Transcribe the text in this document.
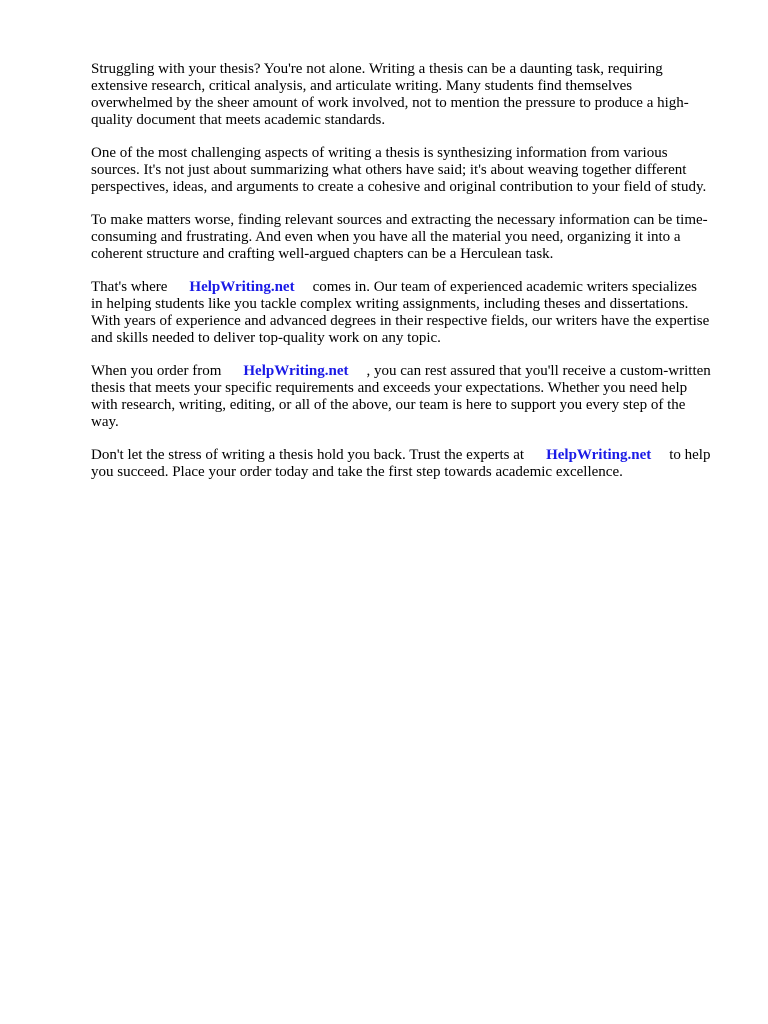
Struggling with your thesis? You're not alone. Writing a thesis can be a daunting task, requiring extensive research, critical analysis, and articulate writing. Many students find themselves overwhelmed by the sheer amount of work involved, not to mention the pressure to produce a high-quality document that meets academic standards.

One of the most challenging aspects of writing a thesis is synthesizing information from various sources. It's not just about summarizing what others have said; it's about weaving together different perspectives, ideas, and arguments to create a cohesive and original contribution to your field of study.

To make matters worse, finding relevant sources and extracting the necessary information can be time-consuming and frustrating. And even when you have all the material you need, organizing it into a coherent structure and crafting well-argued chapters can be a Herculean task.

That's where HelpWriting.net comes in. Our team of experienced academic writers specializes in helping students like you tackle complex writing assignments, including theses and dissertations. With years of experience and advanced degrees in their respective fields, our writers have the expertise and skills needed to deliver top-quality work on any topic.

When you order from HelpWriting.net , you can rest assured that you'll receive a custom-written thesis that meets your specific requirements and exceeds your expectations. Whether you need help with research, writing, editing, or all of the above, our team is here to support you every step of the way.

Don't let the stress of writing a thesis hold you back. Trust the experts at HelpWriting.net to help you succeed. Place your order today and take the first step towards academic excellence.
